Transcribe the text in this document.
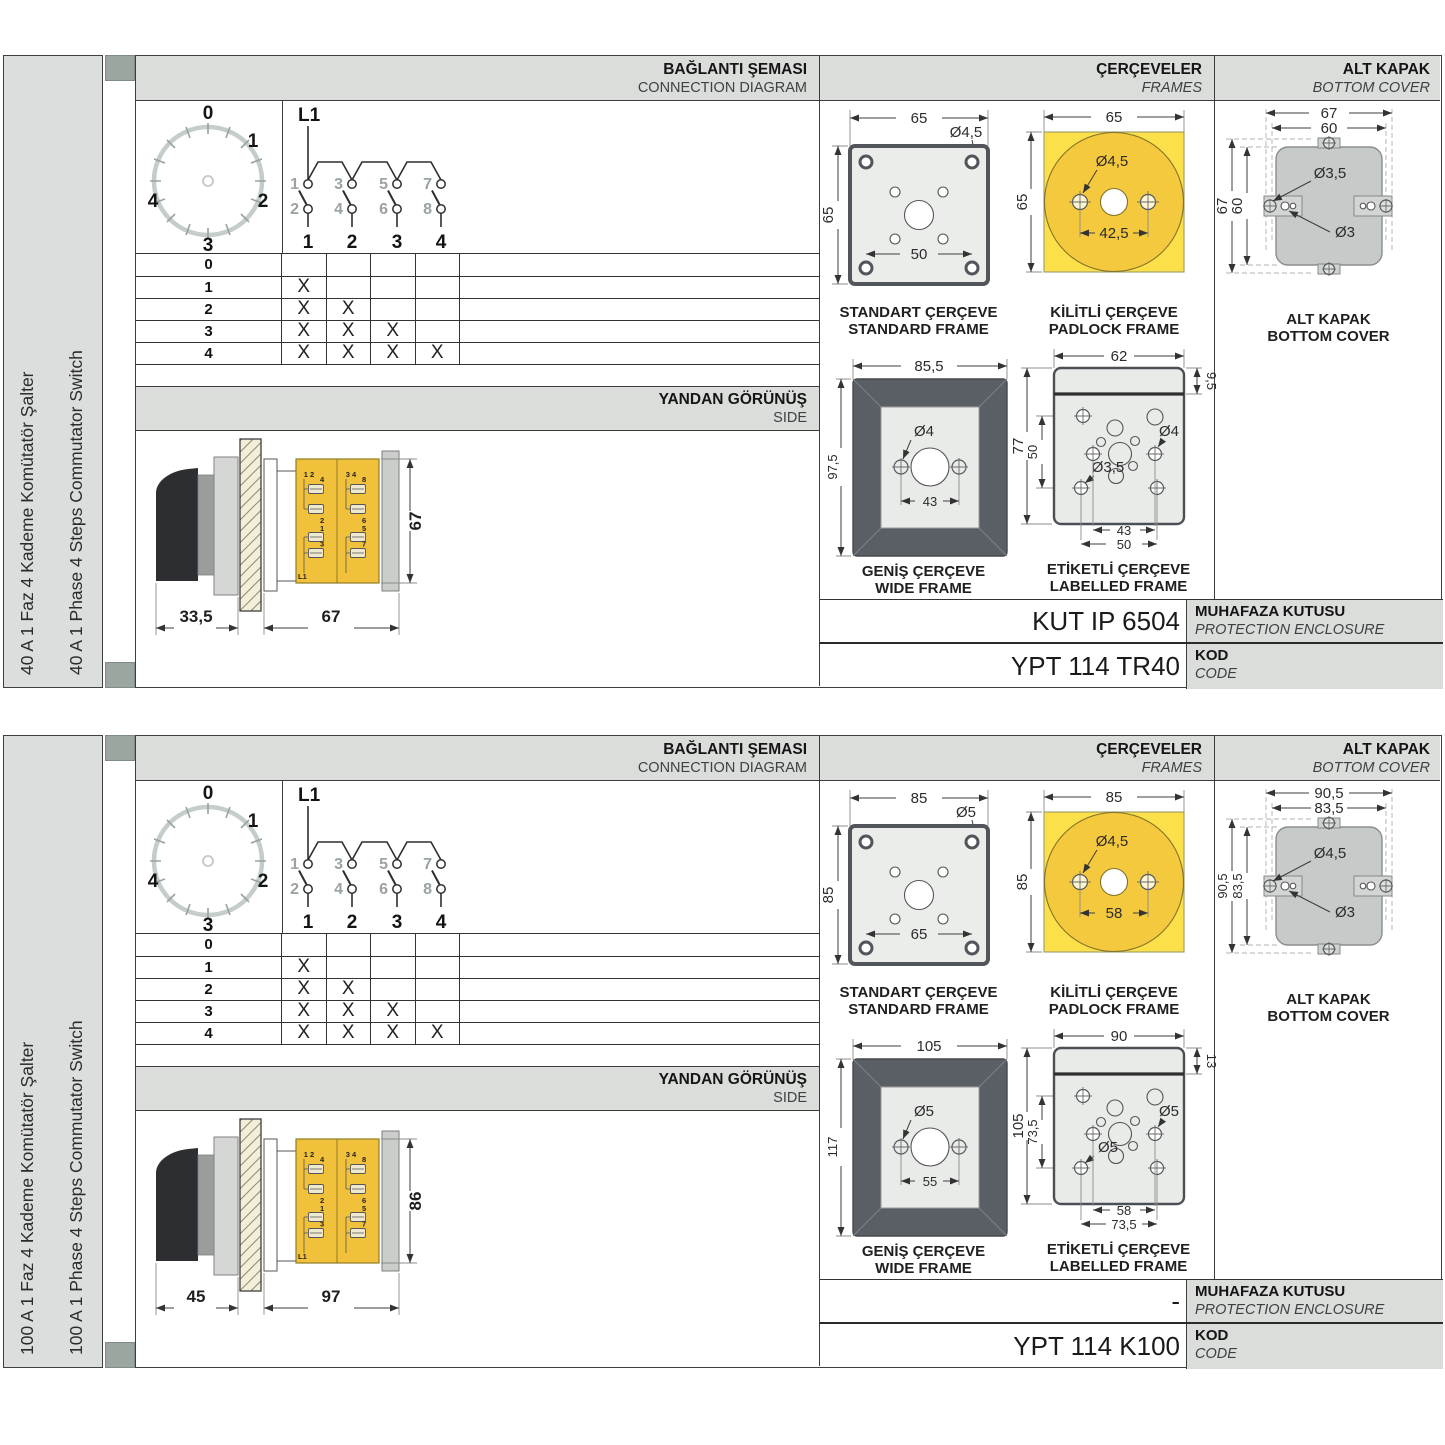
40 A 1 Faz 4 Kademe Komütatör Şalter	40 A 1 Phase 4 Steps Commutator Switch
BAĞLANTI ŞEMASI
CONNECTION DIAGRAM
ÇERÇEVELER
FRAMES
ALT KAPAK
BOTTOM COVER
0
1
2
3
4
L1
1 3 5 7
2 4 6 8
1 2 3 4
0
1	X
2	X	X
3	X	X	X
4	X	X	X	X
YANDAN GÖRÜNÜŞ
SIDE
1 2	3 4
4
2
1
3
8
6
5
7
L1
67
33,5	67
65
Ø4,5
65
50
STANDART ÇERÇEVE
STANDARD FRAME
65
Ø4,5
65
42,5
KİLİTLİ ÇERÇEVE
PADLOCK FRAME
85,5
Ø4
97,5
43
GENİŞ ÇERÇEVE
WIDE FRAME
62
9,5
77
50
Ø4
Ø3,5
43
50
ETİKETLİ ÇERÇEVE
LABELLED FRAME
67
60
67
60
Ø3,5
Ø3
ALT KAPAK
BOTTOM COVER
KUT IP 6504	MUHAFAZA KUTUSU
PROTECTION ENCLOSURE
YPT 114 TR40	KOD
CODE
100 A 1 Faz 4 Kademe Komütatör Şalter	100 A 1 Phase 4 Steps Commutator Switch
BAĞLANTI ŞEMASI
CONNECTION DIAGRAM
ÇERÇEVELER
FRAMES
ALT KAPAK
BOTTOM COVER
0
1
2
3
4
L1
1 3 5 7
2 4 6 8
1 2 3 4
0
1	X
2	X	X
3	X	X	X
4	X	X	X	X
YANDAN GÖRÜNÜŞ
SIDE
1 2	3 4
4
2
1
3
8
6
5
7
L1
86
45	97
85
Ø5
85
65
STANDART ÇERÇEVE
STANDARD FRAME
85
Ø4,5
85
58
KİLİTLİ ÇERÇEVE
PADLOCK FRAME
105
Ø5
117
55
GENİŞ ÇERÇEVE
WIDE FRAME
90
13
105
73,5
Ø5
Ø5
58
73,5
ETİKETLİ ÇERÇEVE
LABELLED FRAME
90,5
83,5
90,5 83,5
Ø4,5
Ø3
ALT KAPAK
BOTTOM COVER
-	MUHAFAZA KUTUSU
PROTECTION ENCLOSURE
YPT 114 K100	KOD
CODE
